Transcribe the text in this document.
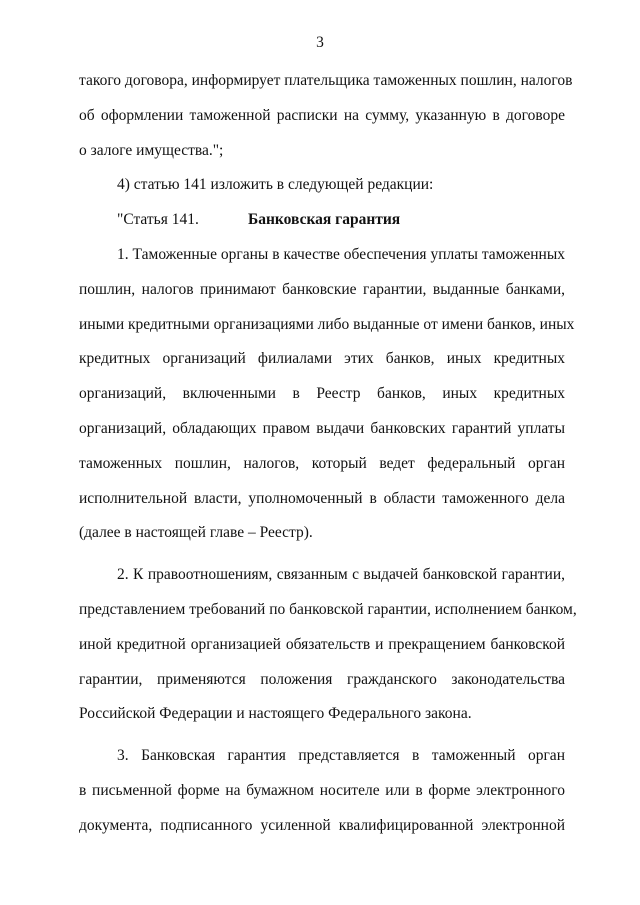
3
такого договора, информирует плательщика таможенных пошлин, налогов
об оформлении таможенной расписки на сумму, указанную в договоре
о залоге имущества.";
4) статью 141 изложить в следующей редакции:
"Статья 141.	Банковская гарантия
1. Таможенные органы в качестве обеспечения уплаты таможенных
пошлин, налогов принимают банковские гарантии, выданные банками,
иными кредитными организациями либо выданные от имени банков, иных
кредитных организаций филиалами этих банков, иных кредитных
организаций, включенными в Реестр банков, иных кредитных
организаций, обладающих правом выдачи банковских гарантий уплаты
таможенных пошлин, налогов, который ведет федеральный орган
исполнительной власти, уполномоченный в области таможенного дела
(далее в настоящей главе – Реестр).
2. К правоотношениям, связанным с выдачей банковской гарантии,
представлением требований по банковской гарантии, исполнением банком,
иной кредитной организацией обязательств и прекращением банковской
гарантии, применяются положения гражданского законодательства
Российской Федерации и настоящего Федерального закона.
3. Банковская гарантия представляется в таможенный орган
в письменной форме на бумажном носителе или в форме электронного
документа, подписанного усиленной квалифицированной электронной
